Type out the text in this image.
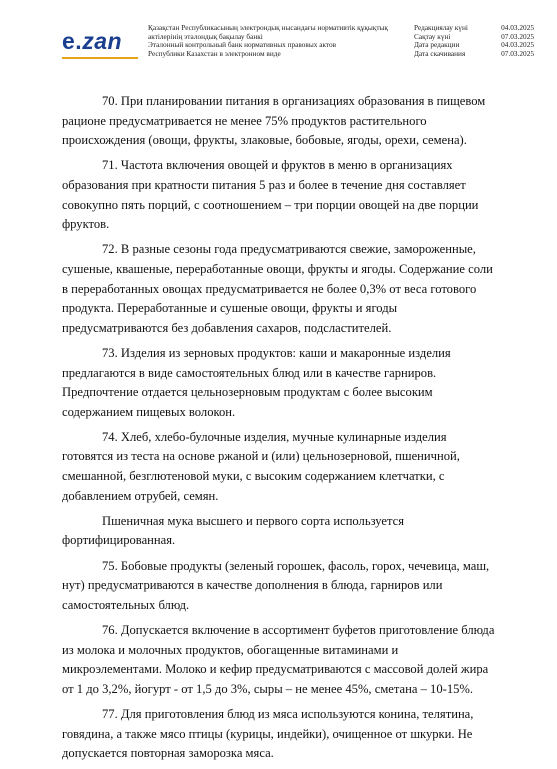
e.zan
Қазақстан Республикасының электрондық нысандағы нормативтік құқықтық
актілерінің эталондық бақылау банкі
Эталонный контрольный банк нормативных правовых актов
Республики Казахстан в электронном виде
Редакциялау күні	04.03.2025
Сақтау күні	07.03.2025
Дата редакции	04.03.2025
Дата скачивания	07.03.2025

70. При планировании питания в организациях образования в пищевом рационе предусматривается не менее 75% продуктов растительного происхождения (овощи, фрукты, злаковые, бобовые, ягоды, орехи, семена).

71. Частота включения овощей и фруктов в меню в организациях образования при кратности питания 5 раз и более в течение дня составляет совокупно пять порций, с соотношением – три порции овощей на две порции фруктов.

72. В разные сезоны года предусматриваются свежие, замороженные, сушеные, квашеные, переработанные овощи, фрукты и ягоды. Содержание соли в переработанных овощах предусматривается не более 0,3% от веса готового продукта. Переработанные и сушеные овощи, фрукты и ягоды предусматриваются без добавления сахаров, подсластителей.

73. Изделия из зерновых продуктов: каши и макаронные изделия предлагаются в виде самостоятельных блюд или в качестве гарниров. Предпочтение отдается цельнозерновым продуктам с более высоким содержанием пищевых волокон.

74. Хлеб, хлебо-булочные изделия, мучные кулинарные изделия готовятся из теста на основе ржаной и (или) цельнозерновой, пшеничной, смешанной, безглютеновой муки, с высоким содержанием клетчатки, с добавлением отрубей, семян.

Пшеничная мука высшего и первого сорта используется фортифицированная.

75. Бобовые продукты (зеленый горошек, фасоль, горох, чечевица, маш, нут) предусматриваются в качестве дополнения в блюда, гарниров или самостоятельных блюд.

76. Допускается включение в ассортимент буфетов приготовление блюда из молока и молочных продуктов, обогащенные витаминами и микроэлементами. Молоко и кефир предусматриваются с массовой долей жира от 1 до 3,2%, йогурт - от 1,5 до 3%, сыры – не менее 45%, сметана – 10-15%.

77. Для приготовления блюд из мяса используются конина, телятина, говядина, а также мясо птицы (курицы, индейки), очищенное от шкурки. Не допускается повторная заморозка мяса.
